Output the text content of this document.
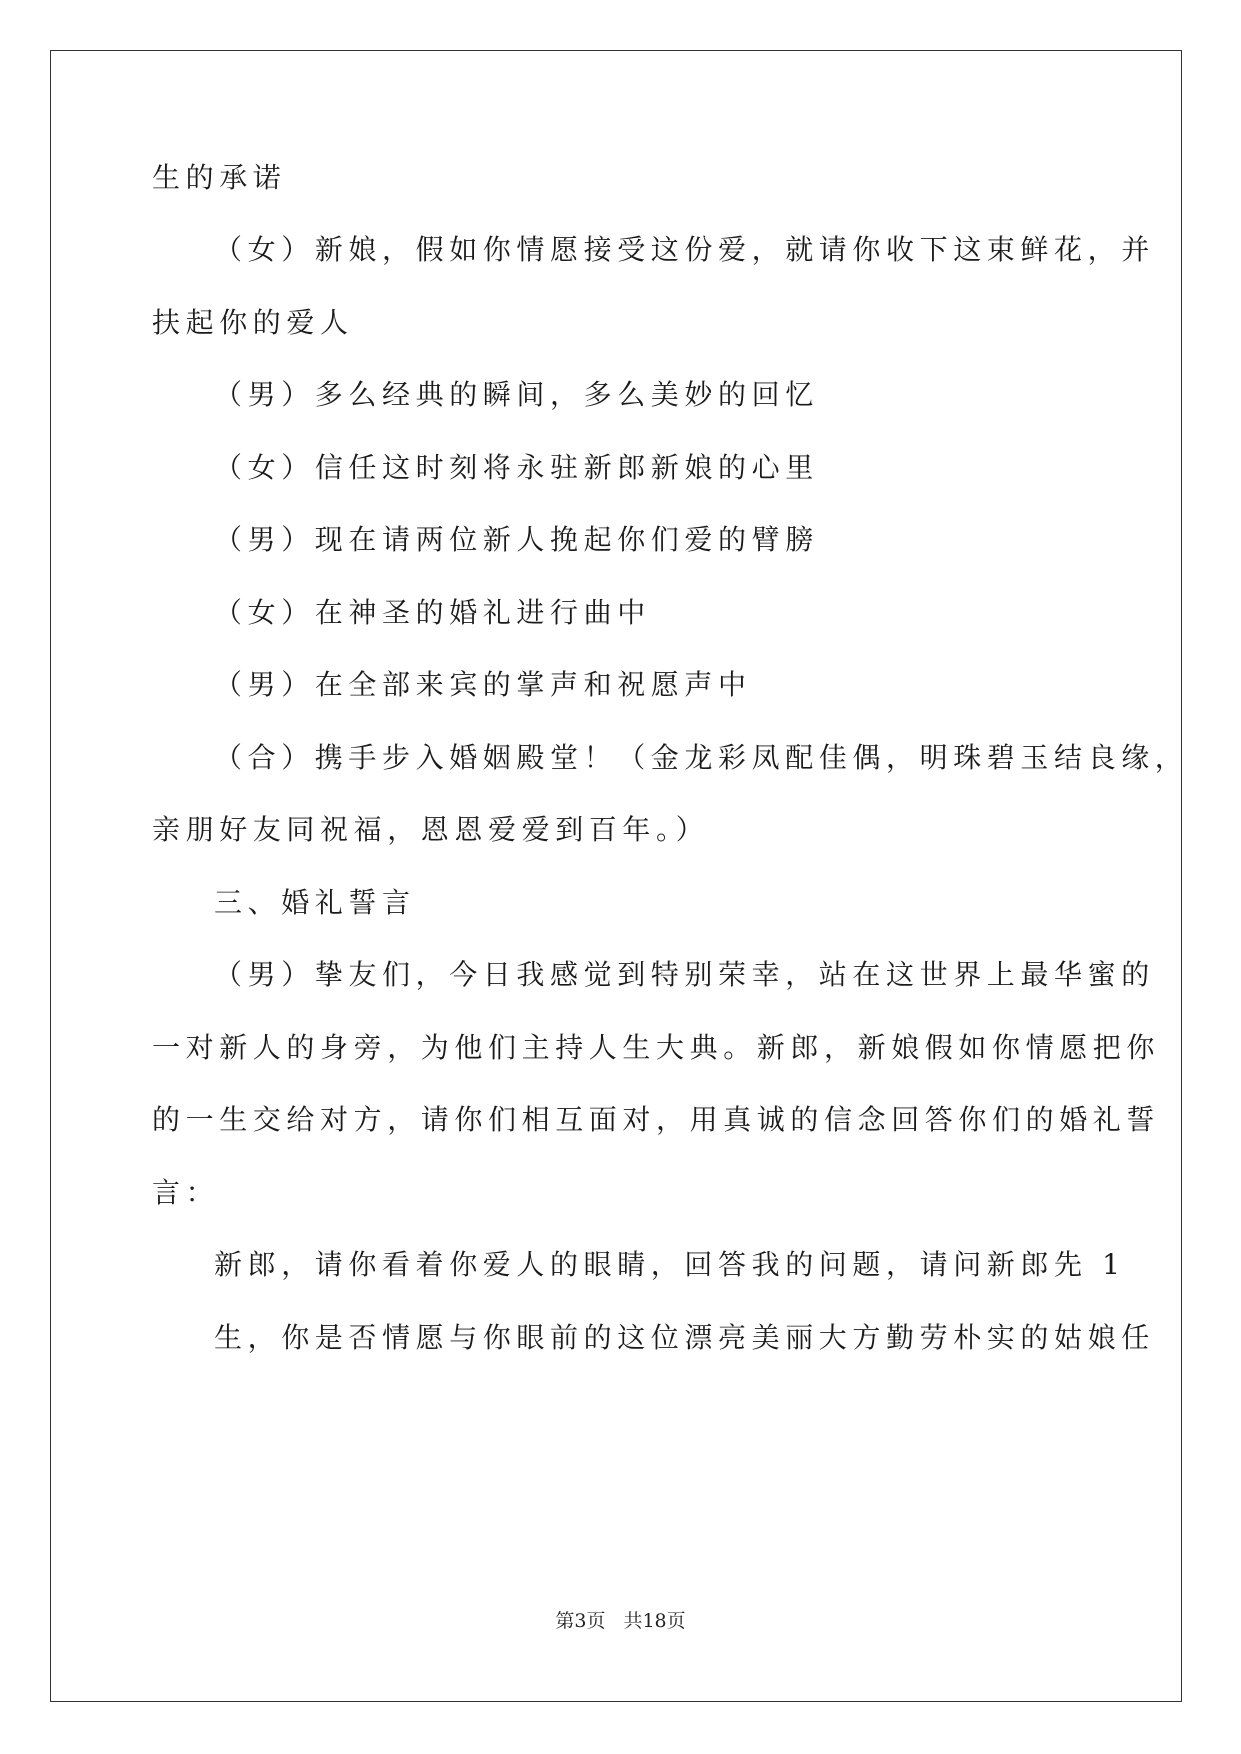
生的承诺
（女）新娘，假如你情愿接受这份爱，就请你收下这束鲜花，并
扶起你的爱人
（男）多么经典的瞬间，多么美妙的回忆
（女）信任这时刻将永驻新郎新娘的心里
（男）现在请两位新人挽起你们爱的臂膀
（女）在神圣的婚礼进行曲中
（男）在全部来宾的掌声和祝愿声中
（合）携手步入婚姻殿堂！（金龙彩凤配佳偶，明珠碧玉结良缘，
亲朋好友同祝福，恩恩爱爱到百年。）
三、婚礼誓言
（男）挚友们，今日我感觉到特别荣幸，站在这世界上最华蜜的
一对新人的身旁，为他们主持人生大典。新郎，新娘假如你情愿把你
的一生交给对方，请你们相互面对，用真诚的信念回答你们的婚礼誓
言：
新郎，请你看着你爱人的眼睛，回答我的问题，请问新郎先 1
生，你是否情愿与你眼前的这位漂亮美丽大方勤劳朴实的姑娘任
第3页 共18页
